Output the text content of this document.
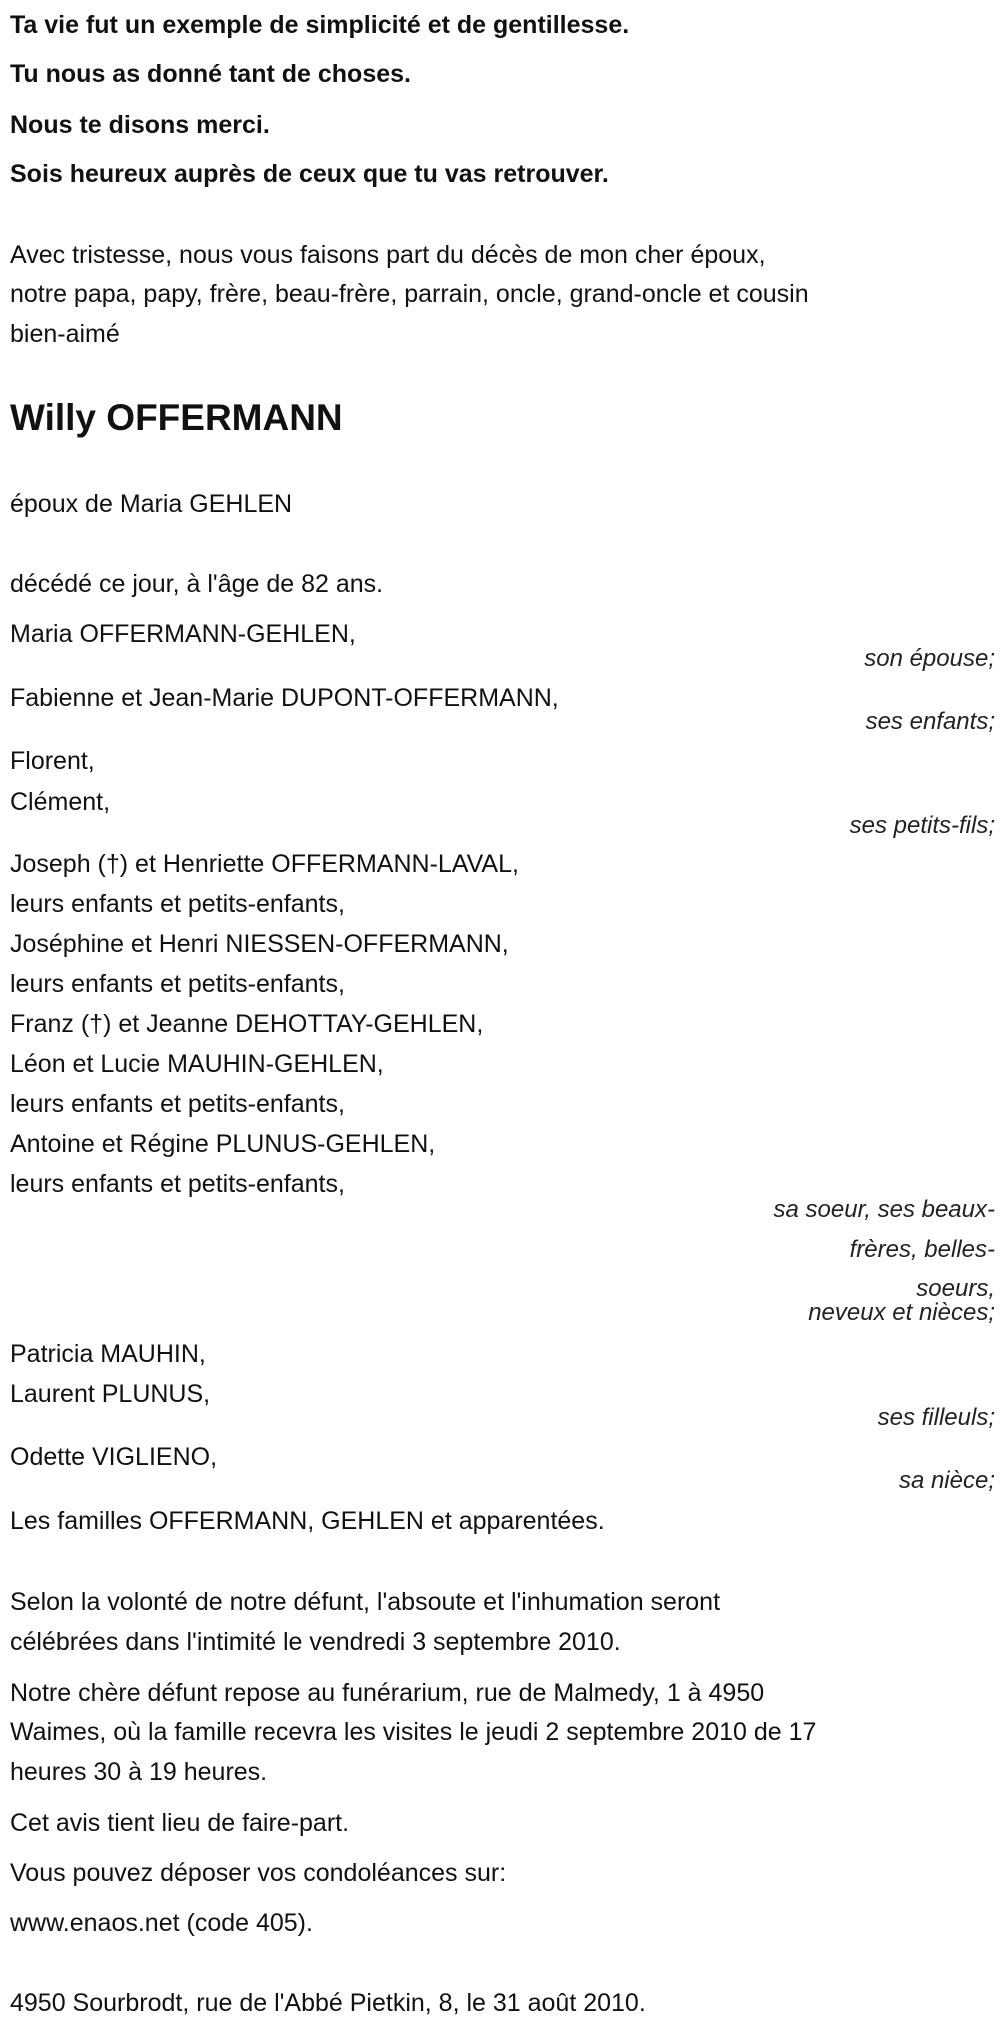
Ta vie fut un exemple de simplicité et de gentillesse.
Tu nous as donné tant de choses.
Nous te disons merci.
Sois heureux auprès de ceux que tu vas retrouver.
Avec tristesse, nous vous faisons part du décès de mon cher époux,
notre papa, papy, frère, beau-frère, parrain, oncle, grand-oncle et cousin
bien-aimé
Willy OFFERMANN
époux de Maria GEHLEN
décédé ce jour, à l'âge de 82 ans.
Maria OFFERMANN-GEHLEN,
son épouse;
Fabienne et Jean-Marie DUPONT-OFFERMANN,
ses enfants;
Florent,
Clément,
ses petits-fils;
Joseph (†) et Henriette OFFERMANN-LAVAL,
leurs enfants et petits-enfants,
Joséphine et Henri NIESSEN-OFFERMANN,
leurs enfants et petits-enfants,
Franz (†) et Jeanne DEHOTTAY-GEHLEN,
Léon et Lucie MAUHIN-GEHLEN,
leurs enfants et petits-enfants,
Antoine et Régine PLUNUS-GEHLEN,
leurs enfants et petits-enfants,
sa soeur, ses beaux-
frères, belles-
soeurs,
neveux et nièces;
Patricia MAUHIN,
Laurent PLUNUS,
ses filleuls;
Odette VIGLIENO,
sa nièce;
Les familles OFFERMANN, GEHLEN et apparentées.
Selon la volonté de notre défunt, l'absoute et l'inhumation seront
célébrées dans l'intimité le vendredi 3 septembre 2010.
Notre chère défunt repose au funérarium, rue de Malmedy, 1 à 4950
Waimes, où la famille recevra les visites le jeudi 2 septembre 2010 de 17
heures 30 à 19 heures.
Cet avis tient lieu de faire-part.
Vous pouvez déposer vos condoléances sur:
www.enaos.net (code 405).
4950 Sourbrodt, rue de l'Abbé Pietkin, 8, le 31 août 2010.
